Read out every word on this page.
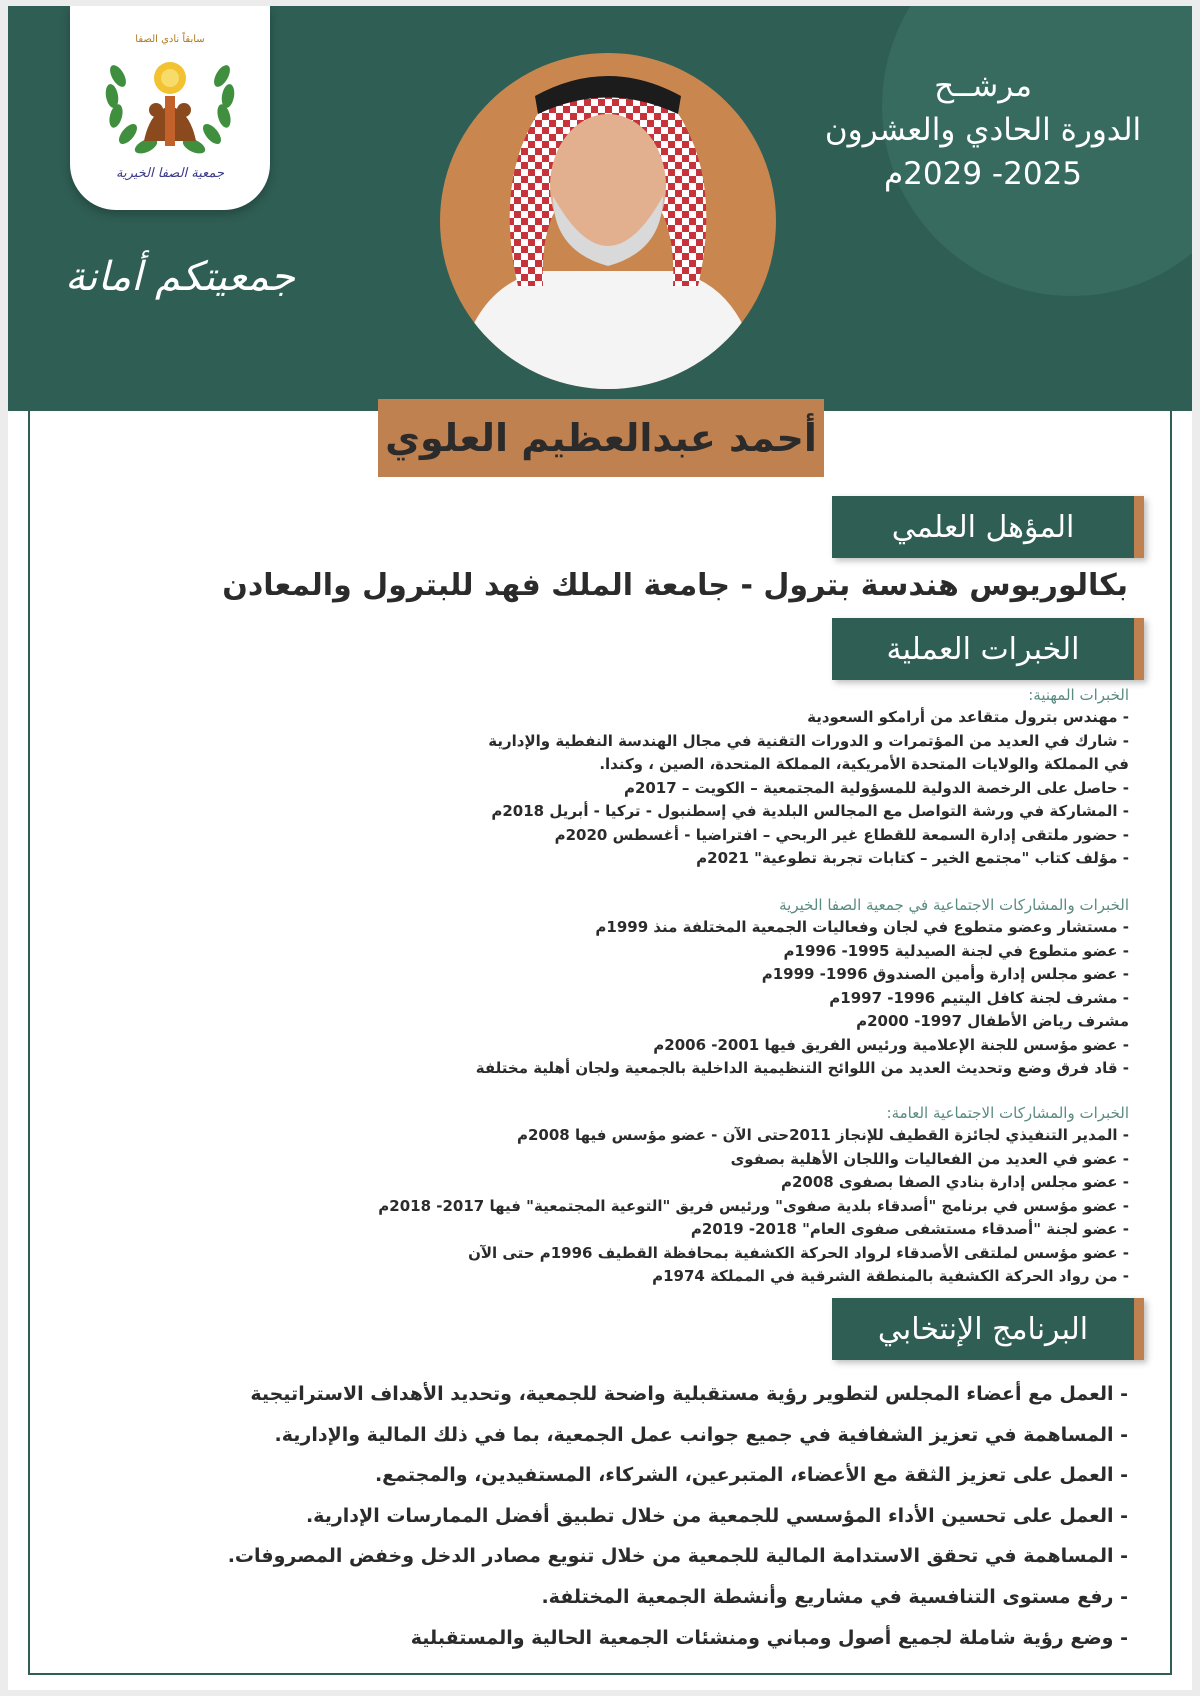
سابقاً نادي الصفا
جمعية الصفا الخيرية
جمعيتكم أمانة
مرشــح
الدورة الحادي والعشرون
2025- 2029م
أحمد عبدالعظيم العلوي
المؤهل العلمي
بكالوريوس هندسة بترول - جامعة الملك فهد للبترول والمعادن
الخبرات العملية
الخبرات المهنية:
- مهندس بترول متقاعد من أرامكو السعودية
- شارك في العديد من المؤتمرات و الدورات التقنية في مجال الهندسة النفطية والإدارية
في المملكة والولايات المتحدة الأمريكية، المملكة المتحدة، الصين ، وكندا.
- حاصل على الرخصة الدولية للمسؤولية المجتمعية – الكويت – 2017م
- المشاركة في ورشة التواصل مع المجالس البلدية في إسطنبول - تركيا - أبريل 2018م
- حضور ملتقى إدارة السمعة للقطاع غير الربحي – افتراضيا - أغسطس 2020م
- مؤلف كتاب "مجتمع الخير – كتابات تجربة تطوعية" 2021م
الخبرات والمشاركات الاجتماعية في جمعية الصفا الخيرية
- مستشار وعضو متطوع في لجان وفعاليات الجمعية المختلفة منذ 1999م
- عضو متطوع في لجنة الصيدلية 1995- 1996م
- عضو مجلس إدارة وأمين الصندوق 1996- 1999م
- مشرف لجنة كافل اليتيم 1996- 1997م
مشرف رياض الأطفال 1997- 2000م
- عضو مؤسس للجنة الإعلامية ورئيس الفريق فيها 2001- 2006م
- قاد فرق وضع وتحديث العديد من اللوائح التنظيمية الداخلية بالجمعية ولجان أهلية مختلفة
الخبرات والمشاركات الاجتماعية العامة:
- المدير التنفيذي لجائزة القطيف للإنجاز 2011حتى الآن - عضو مؤسس فيها 2008م
- عضو في العديد من الفعاليات واللجان الأهلية بصفوى
- عضو مجلس إدارة بنادي الصفا بصفوى 2008م
- عضو مؤسس في برنامج "أصدقاء بلدية صفوى" ورئيس فريق "التوعية المجتمعية" فيها 2017- 2018م
- عضو لجنة "أصدقاء مستشفى صفوى العام" 2018- 2019م
- عضو مؤسس لملتقى الأصدقاء لرواد الحركة الكشفية بمحافظة القطيف 1996م حتى الآن
- من رواد الحركة الكشفية بالمنطقة الشرقية في المملكة 1974م
البرنامج الإنتخابي
- العمل مع أعضاء المجلس لتطوير رؤية مستقبلية واضحة للجمعية، وتحديد الأهداف الاستراتيجية
- المساهمة في تعزيز الشفافية في جميع جوانب عمل الجمعية، بما في ذلك المالية والإدارية.
- العمل على تعزيز الثقة مع الأعضاء، المتبرعين، الشركاء، المستفيدين، والمجتمع.
- العمل على تحسين الأداء المؤسسي للجمعية من خلال تطبيق أفضل الممارسات الإدارية.
- المساهمة في تحقق الاستدامة المالية للجمعية من خلال تنويع مصادر الدخل وخفض المصروفات.
- رفع مستوى التنافسية في مشاريع وأنشطة الجمعية المختلفة.
- وضع رؤية شاملة لجميع أصول ومباني ومنشئات الجمعية الحالية والمستقبلية
